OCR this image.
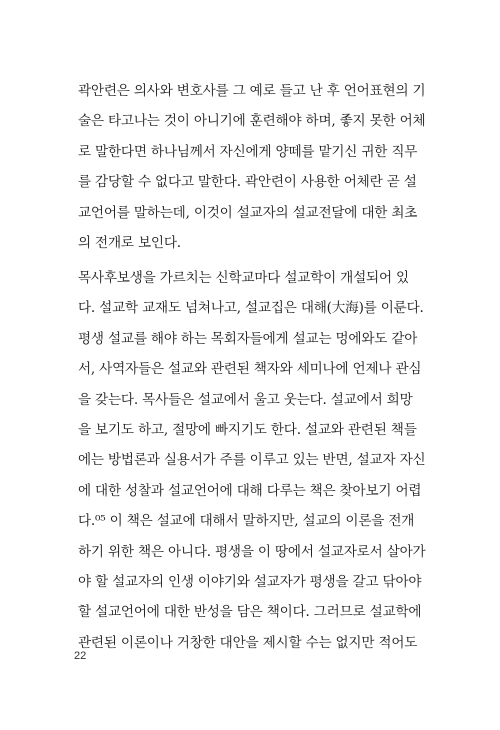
곽안련은 의사와 변호사를 그 예로 들고 난 후 언어표현의 기
술은 타고나는 것이 아니기에 훈련해야 하며, 좋지 못한 어체
로 말한다면 하나님께서 자신에게 양떼를 맡기신 귀한 직무
를 감당할 수 없다고 말한다. 곽안련이 사용한 어체란 곧 설
교언어를 말하는데, 이것이 설교자의 설교전달에 대한 최초
의 전개로 보인다.
목사후보생을 가르치는 신학교마다 설교학이 개설되어 있
다. 설교학 교재도 넘쳐나고, 설교집은 대해(大海)를 이룬다.
평생 설교를 해야 하는 목회자들에게 설교는 멍에와도 같아
서, 사역자들은 설교와 관련된 책자와 세미나에 언제나 관심
을 갖는다. 목사들은 설교에서 울고 웃는다. 설교에서 희망
을 보기도 하고, 절망에 빠지기도 한다. 설교와 관련된 책들
에는 방법론과 실용서가 주를 이루고 있는 반면, 설교자 자신
에 대한 성찰과 설교언어에 대해 다루는 책은 찾아보기 어렵
다.⁰⁵ 이 책은 설교에 대해서 말하지만, 설교의 이론을 전개
하기 위한 책은 아니다. 평생을 이 땅에서 설교자로서 살아가
야 할 설교자의 인생 이야기와 설교자가 평생을 갈고 닦아야
할 설교언어에 대한 반성을 담은 책이다. 그러므로 설교학에
관련된 이론이나 거창한 대안을 제시할 수는 없지만 적어도
22
